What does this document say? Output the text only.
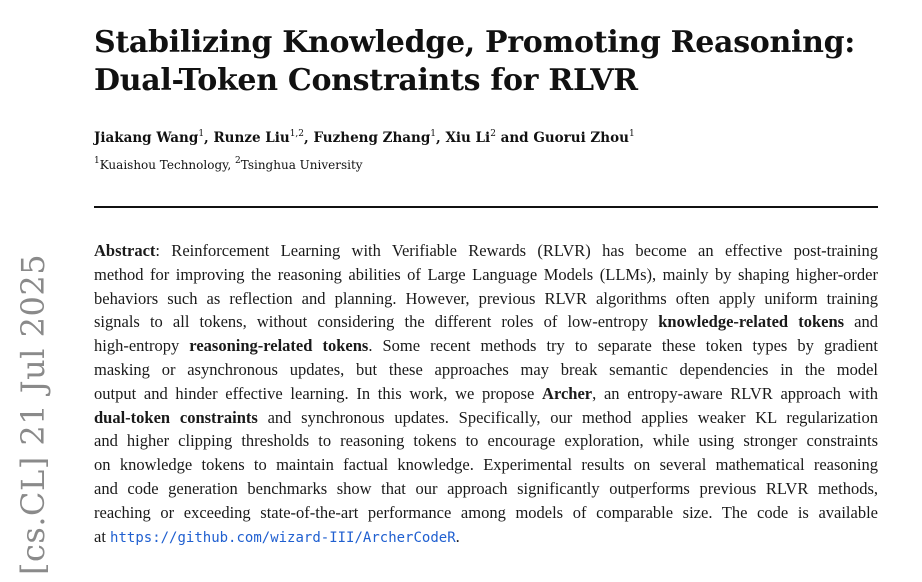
Stabilizing Knowledge, Promoting Reasoning:
Dual-Token Constraints for RLVR
Jiakang Wang$^1$, Runze Liu$^{1,2}$, Fuzheng Zhang$^1$, Xiu Li$^2$ and Guorui Zhou$^1$
$^1$Kuaishou Technology, $^2$Tsinghua University
Abstract: Reinforcement Learning with Verifiable Rewards (RLVR) has become an effective post-training
method for improving the reasoning abilities of Large Language Models (LLMs), mainly by shaping higher-order
behaviors such as reflection and planning. However, previous RLVR algorithms often apply uniform training
signals to all tokens, without considering the different roles of low-entropy knowledge-related tokens and
high-entropy reasoning-related tokens. Some recent methods try to separate these token types by gradient
masking or asynchronous updates, but these approaches may break semantic dependencies in the model
output and hinder effective learning. In this work, we propose Archer, an entropy-aware RLVR approach with
dual-token constraints and synchronous updates. Specifically, our method applies weaker KL regularization
and higher clipping thresholds to reasoning tokens to encourage exploration, while using stronger constraints
on knowledge tokens to maintain factual knowledge. Experimental results on several mathematical reasoning
and code generation benchmarks show that our approach significantly outperforms previous RLVR methods,
reaching or exceeding state-of-the-art performance among models of comparable size. The code is available
at https://github.com/wizard-III/ArcherCodeR.
[cs.CL] 21 Jul 2025
